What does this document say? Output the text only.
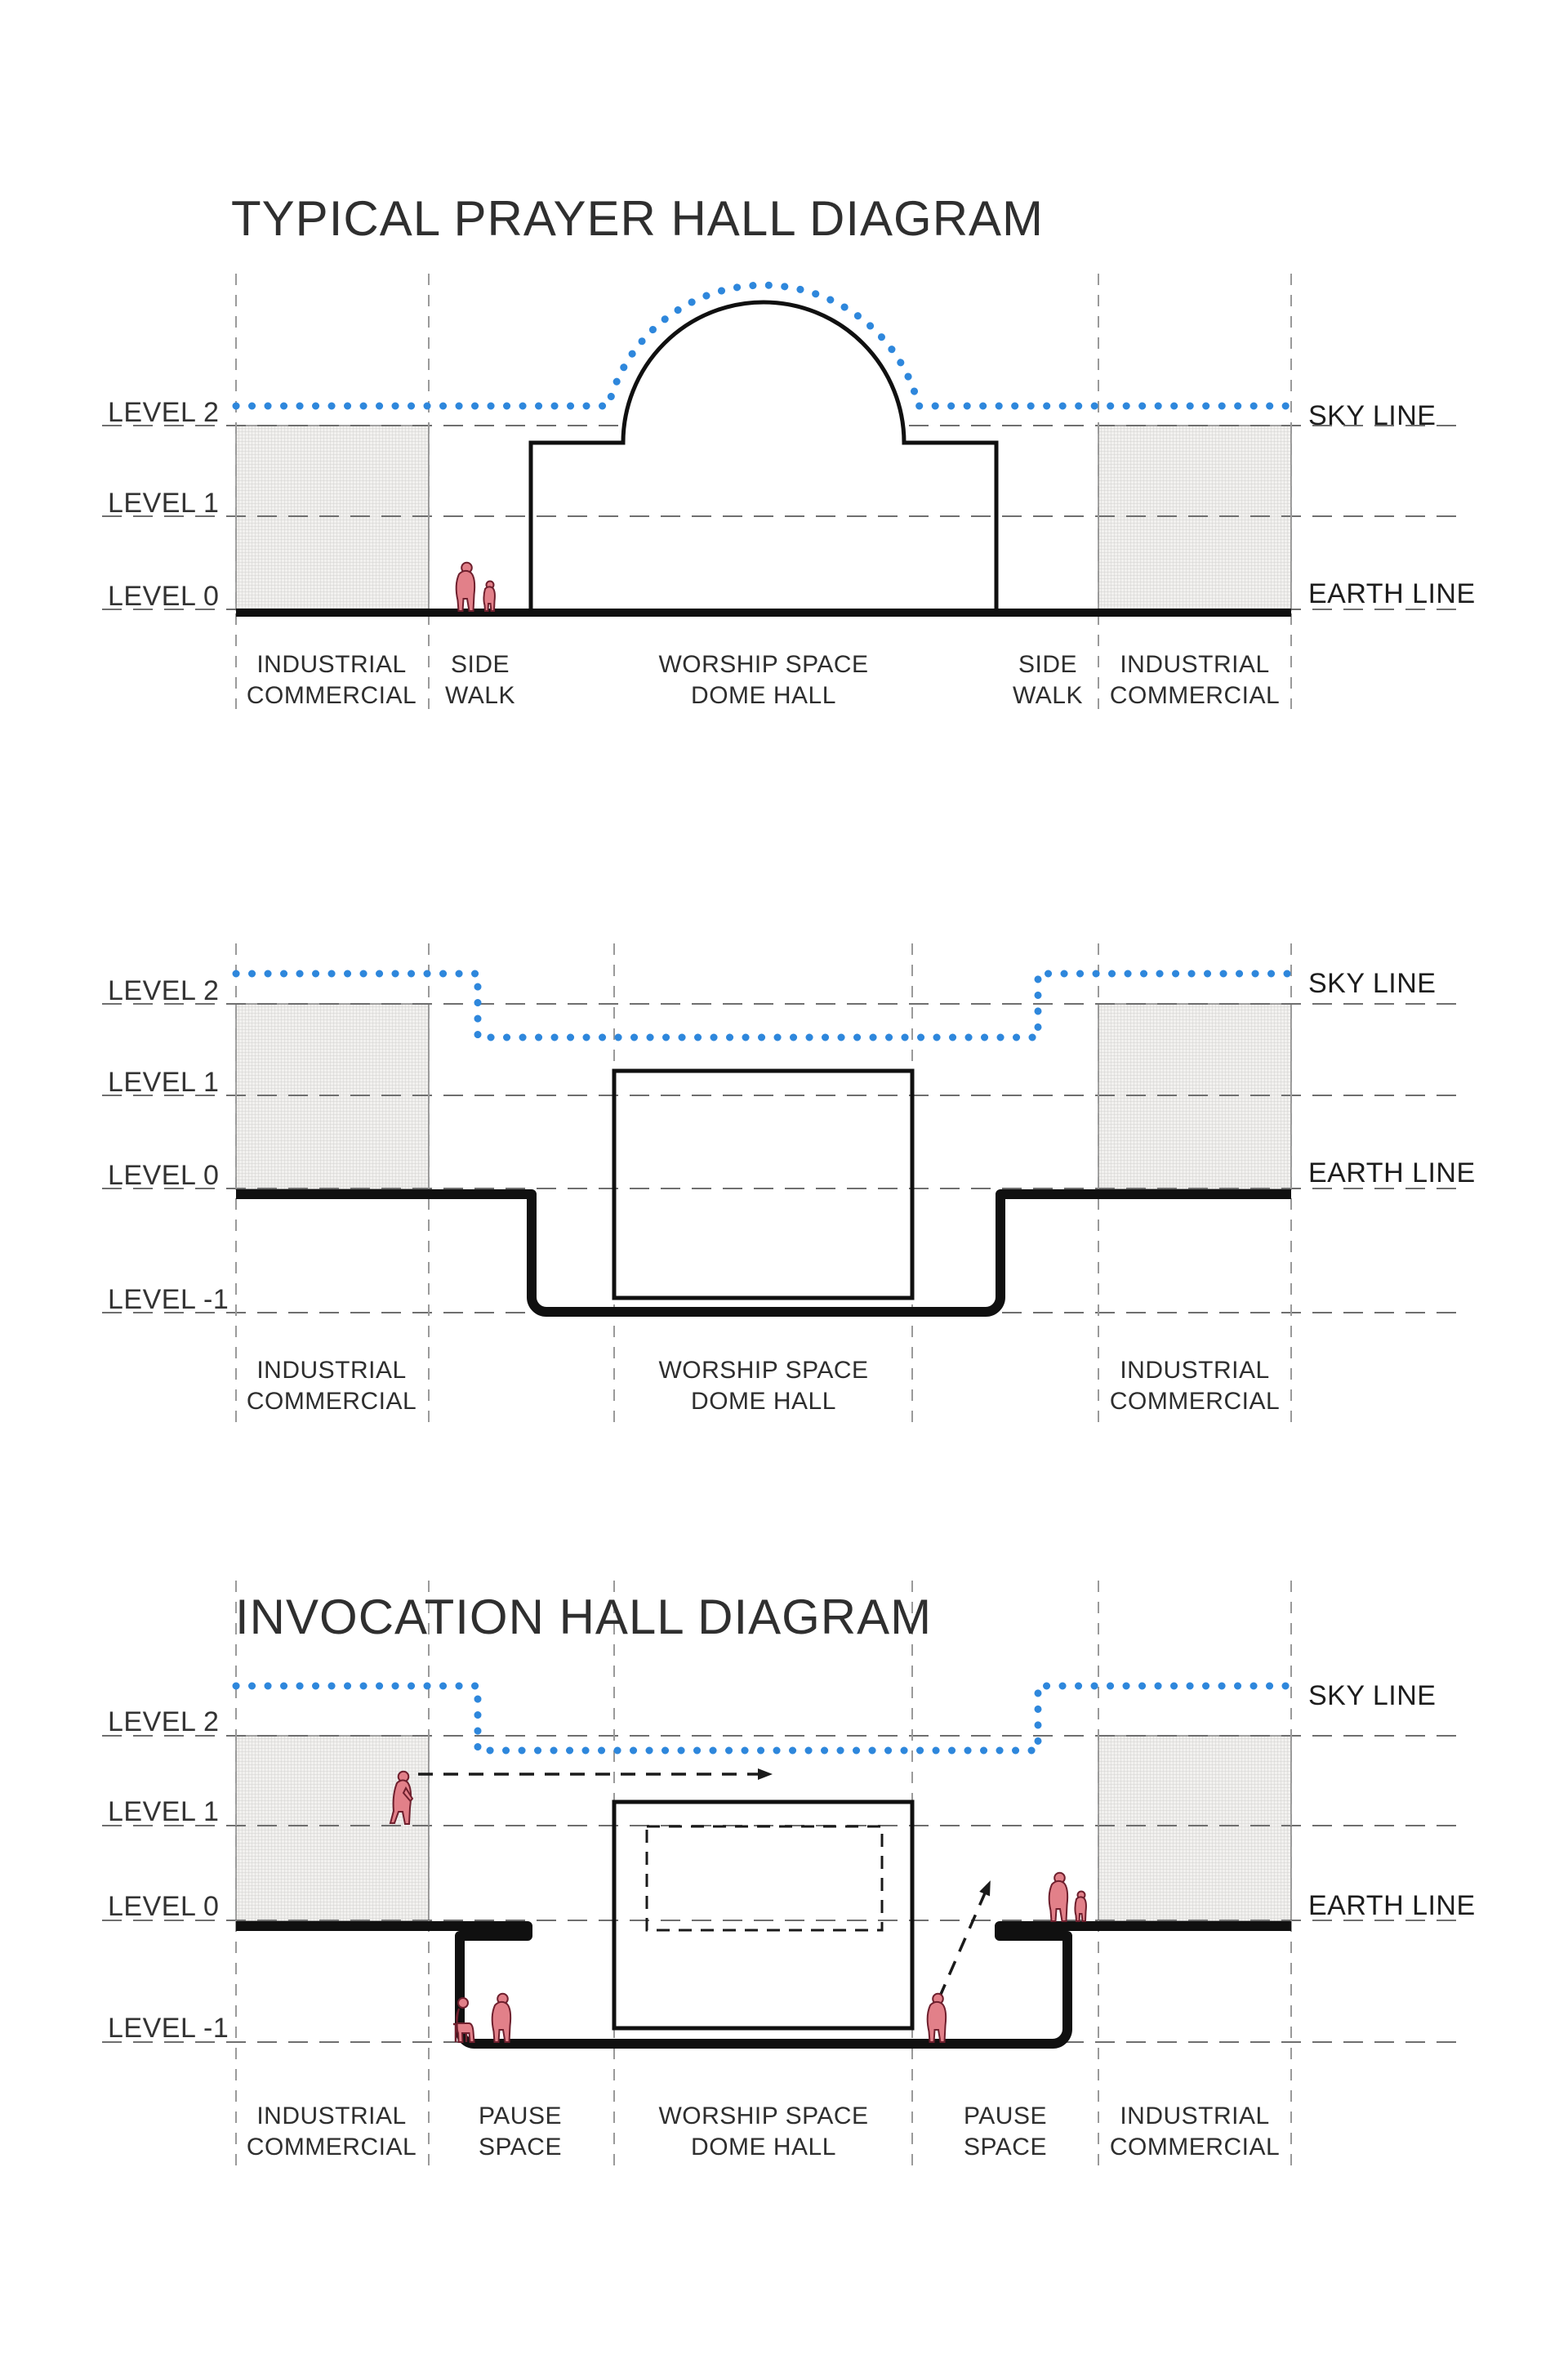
TYPICAL PRAYER HALL DIAGRAM
LEVEL 2
LEVEL 1
LEVEL 0
SKY LINE
EARTH LINE
INDUSTRIAL
COMMERCIAL
SIDE
WALK
WORSHIP SPACE
DOME HALL
SIDE
WALK
INDUSTRIAL
COMMERCIAL
LEVEL 2
LEVEL 1
LEVEL 0
LEVEL -1
SKY LINE
EARTH LINE
INDUSTRIAL
COMMERCIAL
WORSHIP SPACE
DOME HALL
INDUSTRIAL
COMMERCIAL
INVOCATION HALL DIAGRAM
LEVEL 2
LEVEL 1
LEVEL 0
LEVEL -1
SKY LINE
EARTH LINE
INDUSTRIAL
COMMERCIAL
PAUSE
SPACE
WORSHIP SPACE
DOME HALL
PAUSE
SPACE
INDUSTRIAL
COMMERCIAL
